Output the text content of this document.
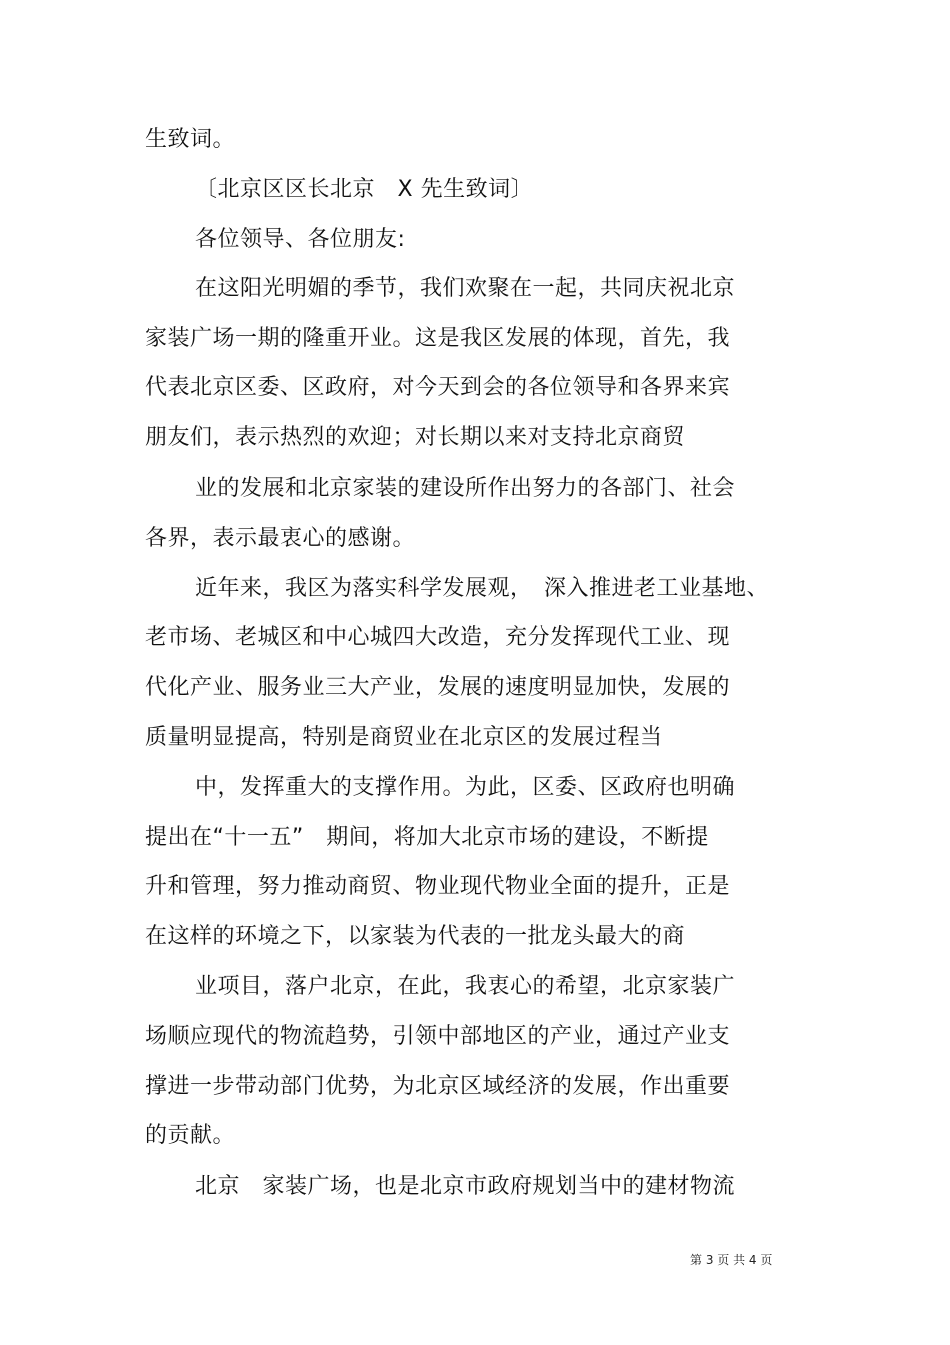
生致词。
〔北京区区长北京　X 先生致词〕
各位领导、各位朋友:
在这阳光明媚的季节，我们欢聚在一起，共同庆祝北京
家装广场一期的隆重开业。这是我区发展的体现，首先，我
代表北京区委、区政府，对今天到会的各位领导和各界来宾
朋友们，表示热烈的欢迎；对长期以来对支持北京商贸
业的发展和北京家装的建设所作出努力的各部门、社会
各界，表示最衷心的感谢。
近年来，我区为落实科学发展观，　深入推进老工业基地、
老市场、老城区和中心城四大改造，充分发挥现代工业、现
代化产业、服务业三大产业，发展的速度明显加快，发展的
质量明显提高，特别是商贸业在北京区的发展过程当
中，发挥重大的支撑作用。为此，区委、区政府也明确
提出在“十一五”　期间，将加大北京市场的建设，不断提
升和管理，努力推动商贸、物业现代物业全面的提升，正是
在这样的环境之下，以家装为代表的一批龙头最大的商
业项目，落户北京，在此，我衷心的希望，北京家装广
场顺应现代的物流趋势，引领中部地区的产业，通过产业支
撑进一步带动部门优势，为北京区域经济的发展，作出重要
的贡献。
北京　家装广场，也是北京市政府规划当中的建材物流
第 3 页 共 4 页
